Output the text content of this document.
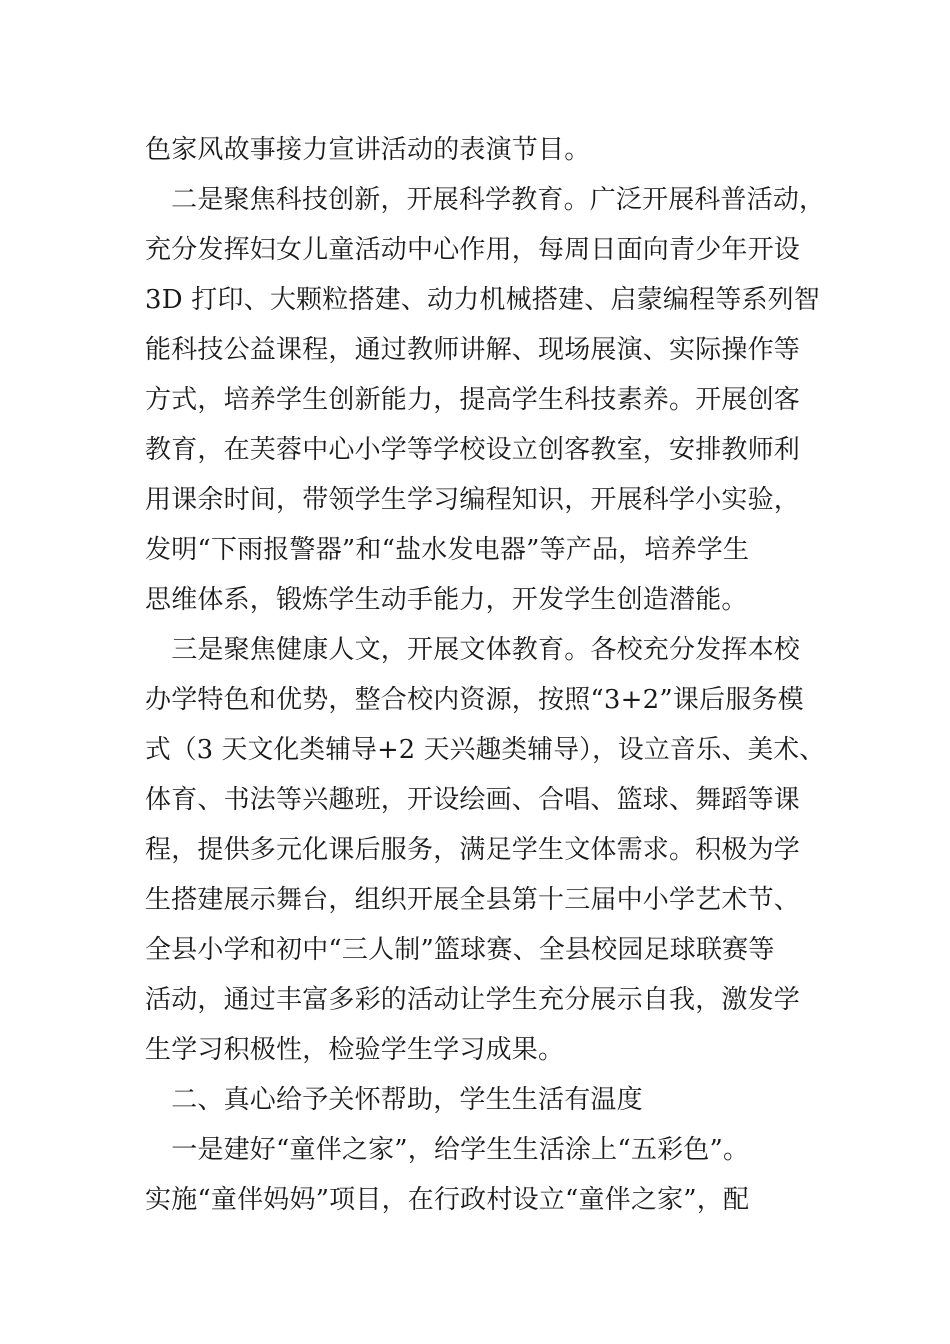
色家风故事接力宣讲活动的表演节目。
　二是聚焦科技创新，开展科学教育。广泛开展科普活动，
充分发挥妇女儿童活动中心作用，每周日面向青少年开设
3D 打印、大颗粒搭建、动力机械搭建、启蒙编程等系列智
能科技公益课程，通过教师讲解、现场展演、实际操作等
方式，培养学生创新能力，提高学生科技素养。开展创客
教育，在芙蓉中心小学等学校设立创客教室，安排教师利
用课余时间，带领学生学习编程知识，开展科学小实验，
发明“下雨报警器”和“盐水发电器”等产品，培养学生
思维体系，锻炼学生动手能力，开发学生创造潜能。
　三是聚焦健康人文，开展文体教育。各校充分发挥本校
办学特色和优势，整合校内资源，按照“3+2”课后服务模
式（3 天文化类辅导+2 天兴趣类辅导），设立音乐、美术、
体育、书法等兴趣班，开设绘画、合唱、篮球、舞蹈等课
程，提供多元化课后服务，满足学生文体需求。积极为学
生搭建展示舞台，组织开展全县第十三届中小学艺术节、
全县小学和初中“三人制”篮球赛、全县校园足球联赛等
活动，通过丰富多彩的活动让学生充分展示自我，激发学
生学习积极性，检验学生学习成果。
　二、真心给予关怀帮助，学生生活有温度
　一是建好“童伴之家”，给学生生活涂上“五彩色”。
实施“童伴妈妈”项目，在行政村设立“童伴之家”，配
